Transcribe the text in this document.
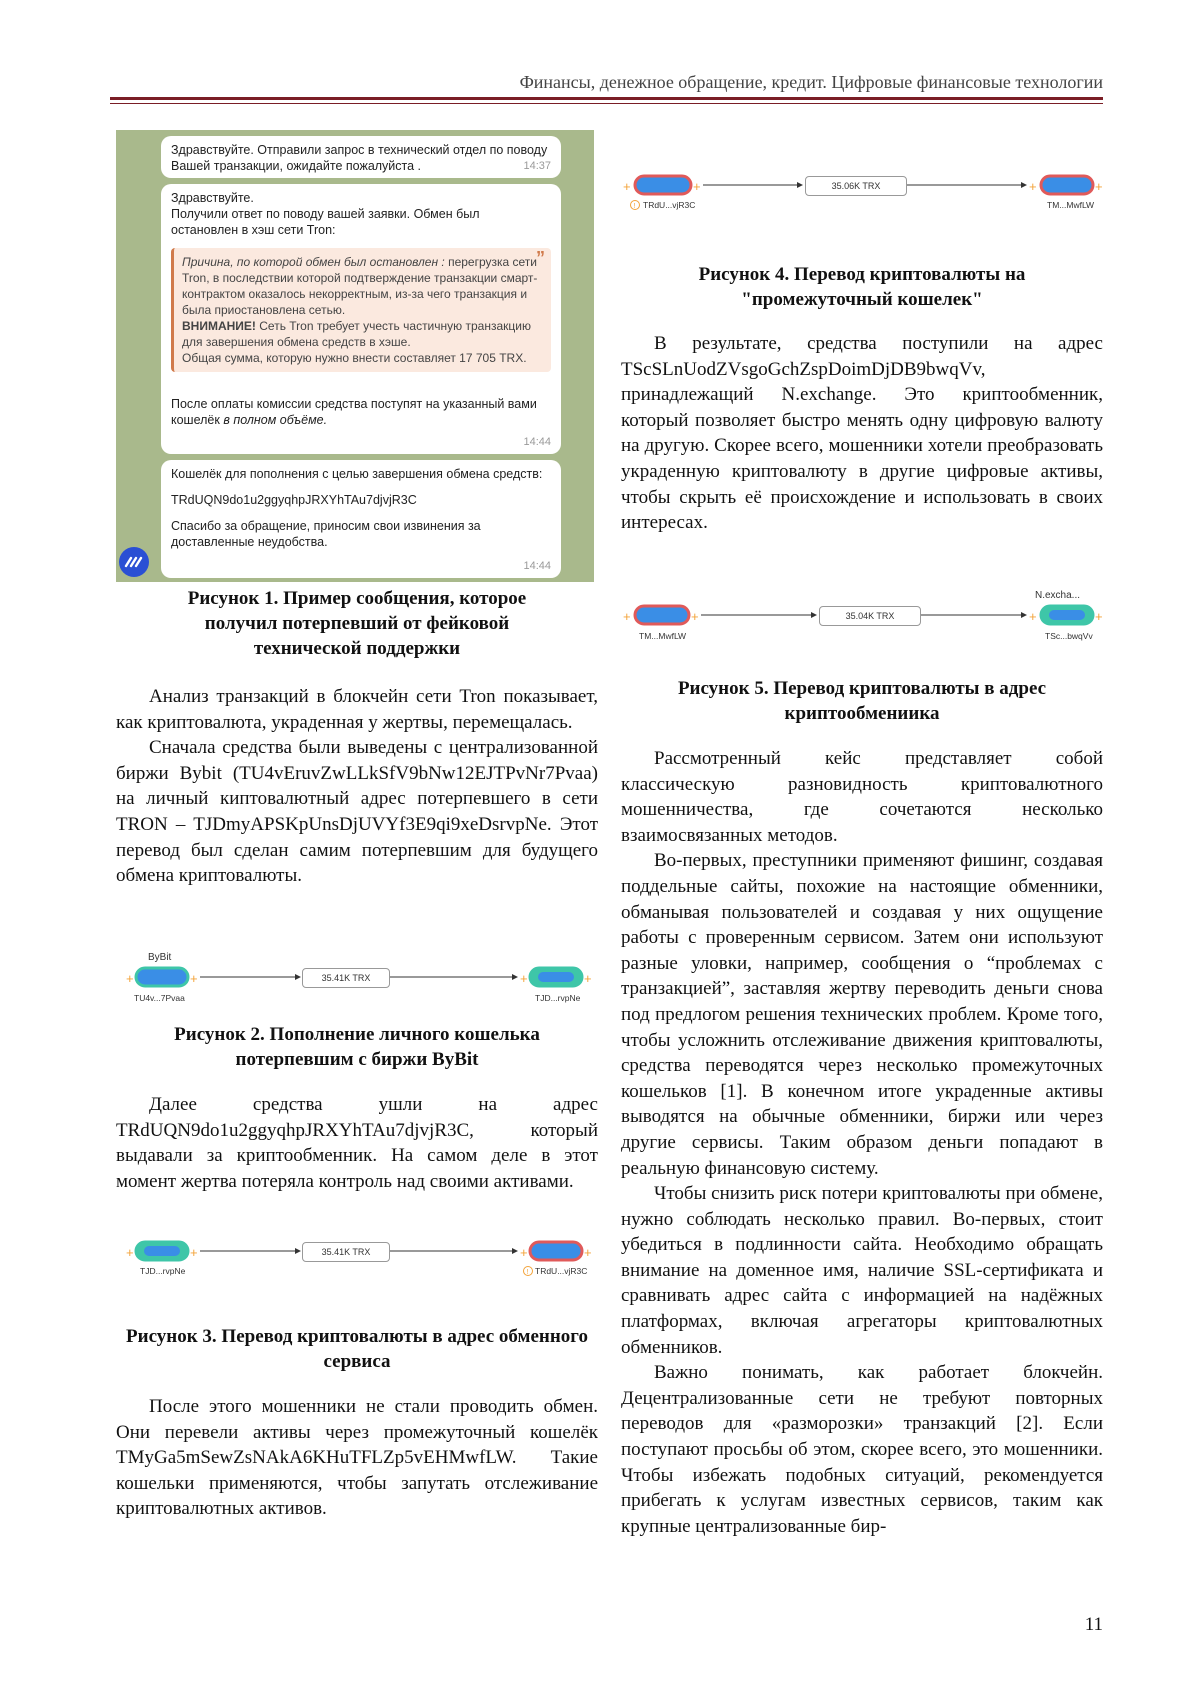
Финансы, денежное обращение, кредит. Цифровые финансовые технологии
Здравствуйте. Отправили запрос в технический отдел по поводу
Вашей транзакции, ожидайте пожалуйста .	14:37
Здравствуйте.
Получили ответ по поводу вашей заявки. Обмен был
остановлен в хэш сети Tron:
”
Причина, по которой обмен был остановлен : перегрузка сети Tron, в последствии которой подтверждение транзакции смарт-контрактом оказалось некорректным, из-за чего транзакция и была приостановлена сетью.
ВНИМАНИЕ! Сеть Tron требует учесть частичную транзакцию для завершения обмена средств в хэше.
Общая сумма, которую нужно внести составляет 17 705 TRX.
После оплаты комиссии средства поступят на указанный вами
кошелёк в полном объёме.
14:44
Кошелёк для пополнения с целью завершения обмена средств:
TRdUQN9do1u2ggyqhpJRXYhTAu7djvjR3C
Спасибо за обращение, приносим свои извинения за
доставленные неудобства.
14:44

Рисунок 1. Пример сообщения, которое получил потерпевший от фейковой технической поддержки

Анализ транзакций в блокчейн сети Tron показывает, как криптовалюта, украденная у жертвы, перемещалась.

Сначала средства были выведены с централизованной биржи Bybit (TU4vEruvZwLLkSfV9bNw12EJTPvNr7Pvaa) на личный киптовалютный адрес потерпевшего в сети TRON – TJDmyAPSKpUnsDjUVYf3E9qi9xeDsrvpNe. Этот перевод был сделан самим потерпевшим для будущего обмена криптовалюты.

ByBit
+	+	+	+
35.41K TRX
TU4v...7Pvaa	TJD...rvpNe

Рисунок 2. Пополнение личного кошелька потерпевшим с биржи ByBit

Далее средства ушли на адрес TRdUQN9do1u2ggyqhpJRXYhTAu7djvjR3C, который выдавали за криптообменник. На самом деле в этот момент жертва потеряла контроль над своими активами.

+	+	+	+
!
35.41K TRX
TJD...rvpNe	TRdU...vjR3C

Рисунок 3. Перевод криптовалюты в адрес обменного сервиса

После этого мошенники не стали проводить обмен. Они перевели активы через промежуточный кошелёк TMyGa5mSewZsNAkA6KHuTFLZp5vEHMwfLW. Такие кошельки применяются, чтобы запутать отслеживание криптовалютных активов.

+	+	+	+
!
35.06K TRX
TRdU...vjR3C	TM...MwfLW

Рисунок 4. Перевод криптовалюты на "промежуточный кошелек"

В результате, средства поступили на адрес TScSLnUodZVsgoGchZspDoimDjDB9bwqVv, принадлежащий N.exchange. Это криптообменник, который позволяет быстро менять одну цифровую валюту на другую. Скорее всего, мошенники хотели преобразовать украденную криптовалюту в другие цифровые активы, чтобы скрыть её происхождение и использовать в своих интересах.

N.excha...
+	+	+	+
35.04K TRX
TM...MwfLW	TSc...bwqVv

Рисунок 5. Перевод криптовалюты в адрес криптообмениика

Рассмотренный кейс представляет собой классическую разновидность криптовалютного мошенничества, где сочетаются несколько взаимосвязанных методов.

Во-первых, преступники применяют фишинг, создавая поддельные сайты, похожие на настоящие обменники, обманывая пользователей и создавая у них ощущение работы с проверенным сервисом. Затем они используют разные уловки, например, сообщения о “проблемах с транзакцией”, заставляя жертву переводить деньги снова под предлогом решения технических проблем. Кроме того, чтобы усложнить отслеживание движения криптовалюты, средства переводятся через несколько промежуточных кошельков [1]. В конечном итоге украденные активы выводятся на обычные обменники, биржи или через другие сервисы. Таким образом деньги попадают в реальную финансовую систему.

Чтобы снизить риск потери криптовалюты при обмене, нужно соблюдать несколько правил. Во-первых, стоит убедиться в подлинности сайта. Необходимо обращать внимание на доменное имя, наличие SSL-сертификата и сравнивать адрес сайта с информацией на надёжных платформах, включая агрегаторы криптовалютных обменников.

Важно понимать, как работает блокчейн. Децентрализованные сети не требуют повторных переводов для «разморозки» транзакций [2]. Если поступают просьбы об этом, скорее всего, это мошенники. Чтобы избежать подобных ситуаций, рекомендуется прибегать к услугам известных сервисов, таким как крупные централизованные бир-

11
